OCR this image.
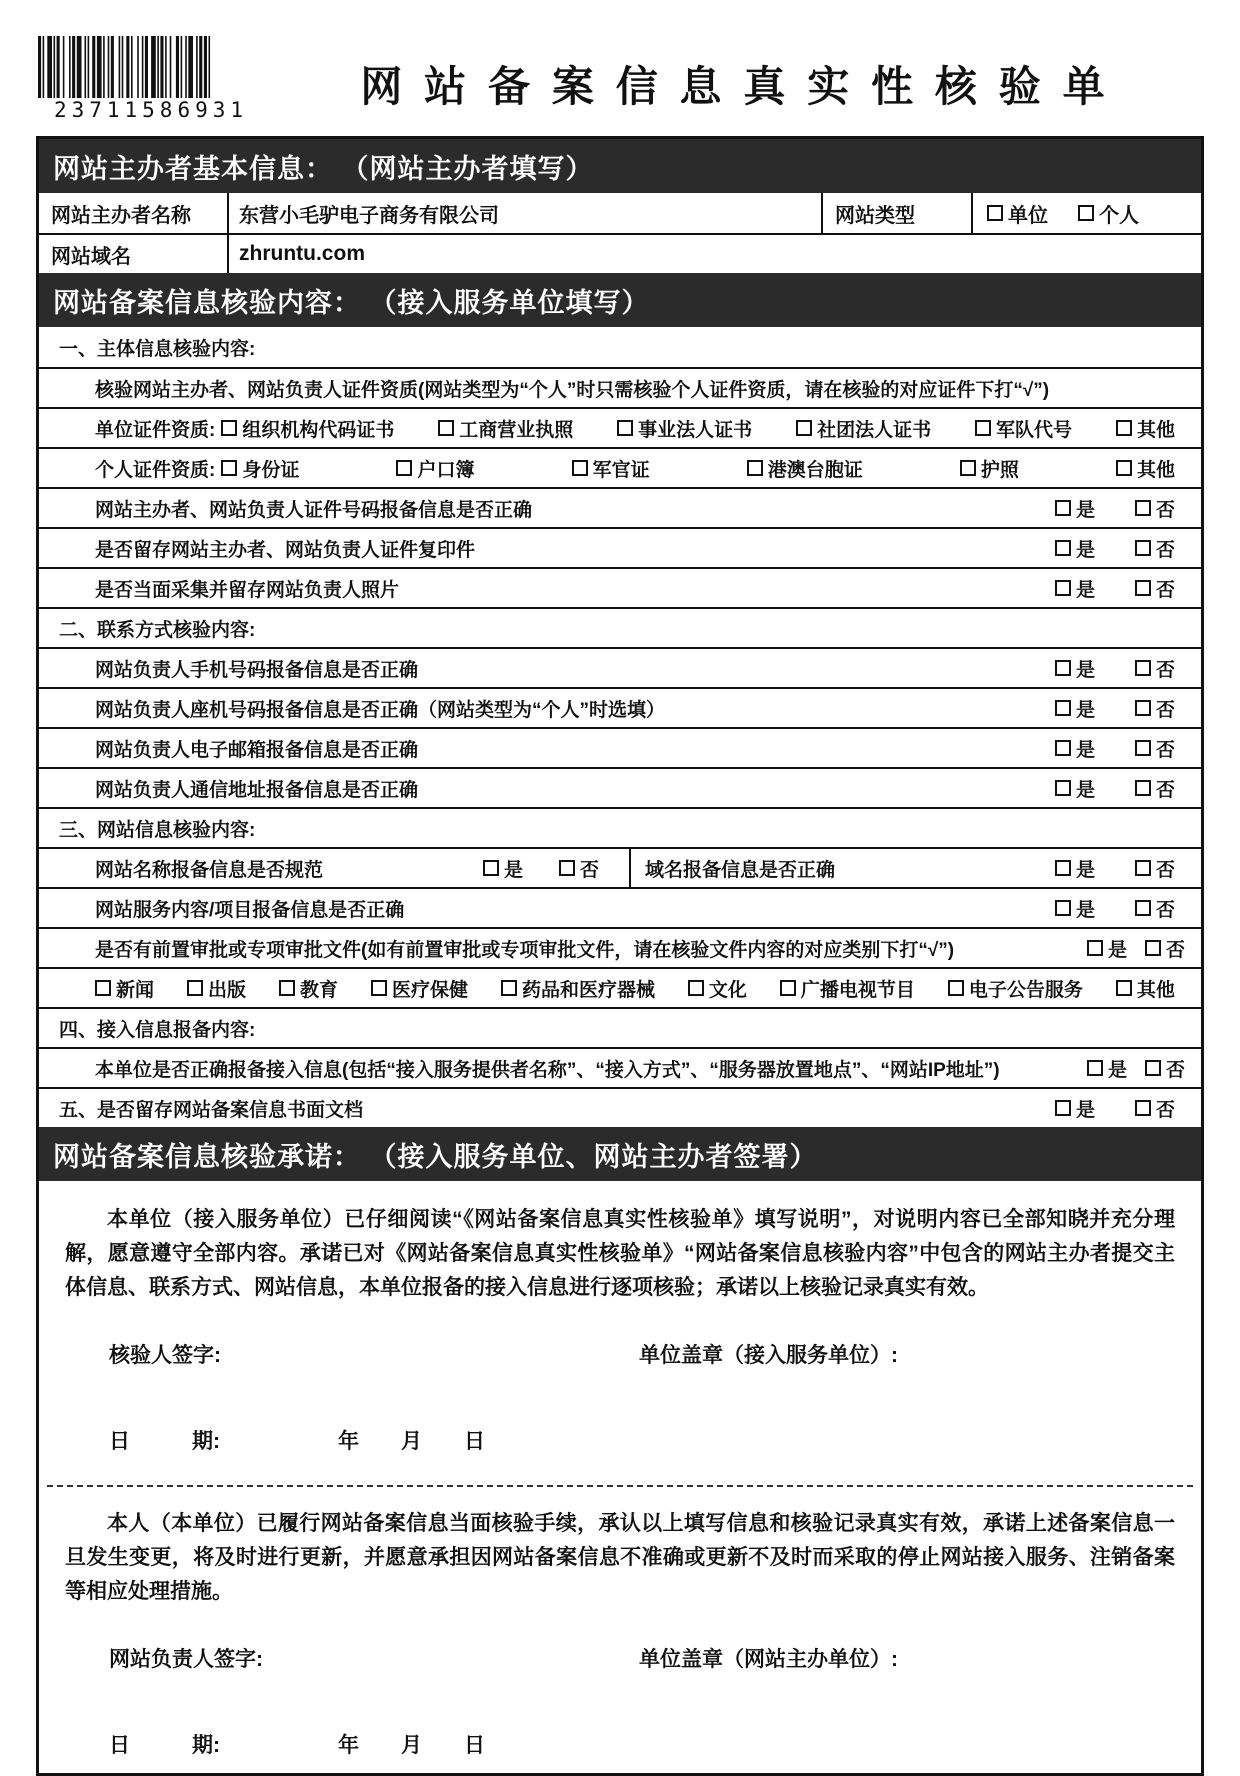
23711586931	网站备案信息真实性核验单
网站主办者基本信息： （网站主办者填写）
网站主办者名称	东营小毛驴电子商务有限公司	网站类型	单位	个人
网站域名	zhruntu.com
网站备案信息核验内容： （接入服务单位填写）
一、主体信息核验内容:
核验网站主办者、网站负责人证件资质(网站类型为“个人”时只需核验个人证件资质，请在核验的对应证件下打“√”)
单位证件资质: 组织机构代码证书	工商营业执照	事业法人证书	社团法人证书	军队代号	其他
个人证件资质: 身份证	户口簿	军官证	港澳台胞证	护照	其他
网站主办者、网站负责人证件号码报备信息是否正确	是	否
是否留存网站主办者、网站负责人证件复印件	是	否
是否当面采集并留存网站负责人照片	是	否
二、联系方式核验内容:
网站负责人手机号码报备信息是否正确	是	否
网站负责人座机号码报备信息是否正确（网站类型为“个人”时选填）	是	否
网站负责人电子邮箱报备信息是否正确	是	否
网站负责人通信地址报备信息是否正确	是	否
三、网站信息核验内容:
网站名称报备信息是否规范	是	否 域名报备信息是否正确	是	否
网站服务内容/项目报备信息是否正确	是	否
是否有前置审批或专项审批文件(如有前置审批或专项审批文件，请在核验文件内容的对应类别下打“√”)	是 否
新闻	出版	教育	医疗保健	药品和医疗器械	文化	广播电视节目	电子公告服务	其他
四、接入信息报备内容:
本单位是否正确报备接入信息(包括“接入服务提供者名称”、“接入方式”、“服务器放置地点”、“网站IP地址”)	是 否
五、是否留存网站备案信息书面文档	是	否
网站备案信息核验承诺： （接入服务单位、网站主办者签署）

本单位（接入服务单位）已仔细阅读“《网站备案信息真实性核验单》填写说明”，对说明内容已全部知晓并充分理解，愿意遵守全部内容。承诺已对《网站备案信息真实性核验单》“网站备案信息核验内容”中包含的网站主办者提交主体信息、联系方式、网站信息，本单位报备的接入信息进行逐项核验；承诺以上核验记录真实有效。

核验人签字:	单位盖章（接入服务单位）:
日	期:	年 月 日

本人（本单位）已履行网站备案信息当面核验手续，承认以上填写信息和核验记录真实有效，承诺上述备案信息一旦发生变更，将及时进行更新，并愿意承担因网站备案信息不准确或更新不及时而采取的停止网站接入服务、注销备案等相应处理措施。

网站负责人签字:	单位盖章（网站主办单位）:
日	期:	年 月 日
